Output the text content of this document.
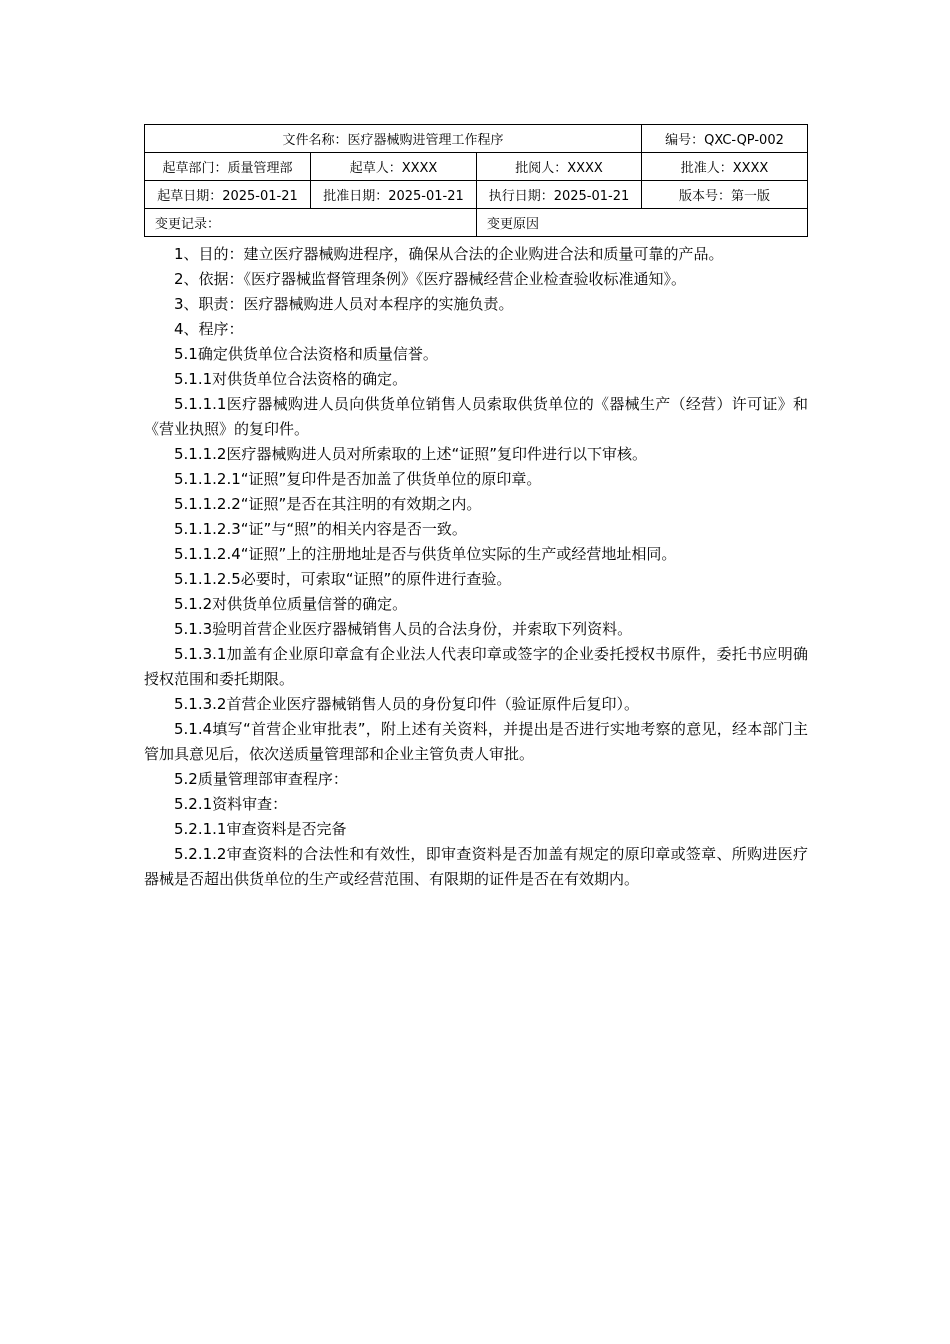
文件名称：医疗器械购进管理工作程序			编号：QXC-QP-002
起草部门：质量管理部	起草人：XXXX	批阅人：XXXX	批准人：XXXX
起草日期：2025-01-21	批准日期：2025-01-21	执行日期：2025-01-21	版本号：第一版
变更记录：		变更原因	

1、目的：建立医疗器械购进程序，确保从合法的企业购进合法和质量可靠的产品。

2、依据：《医疗器械监督管理条例》《医疗器械经营企业检查验收标准通知》。

3、职责：医疗器械购进人员对本程序的实施负责。

4、程序：

5.1确定供货单位合法资格和质量信誉。

5.1.1对供货单位合法资格的确定。

5.1.1.1医疗器械购进人员向供货单位销售人员索取供货单位的《器械生产（经营）许可证》和《营业执照》的复印件。

5.1.1.2医疗器械购进人员对所索取的上述“证照”复印件进行以下审核。

5.1.1.2.1“证照”复印件是否加盖了供货单位的原印章。

5.1.1.2.2“证照”是否在其注明的有效期之内。

5.1.1.2.3“证”与“照”的相关内容是否一致。

5.1.1.2.4“证照”上的注册地址是否与供货单位实际的生产或经营地址相同。

5.1.1.2.5必要时，可索取“证照”的原件进行查验。

5.1.2对供货单位质量信誉的确定。

5.1.3验明首营企业医疗器械销售人员的合法身份，并索取下列资料。

5.1.3.1加盖有企业原印章盒有企业法人代表印章或签字的企业委托授权书原件，委托书应明确授权范围和委托期限。

5.1.3.2首营企业医疗器械销售人员的身份复印件（验证原件后复印）。

5.1.4填写“首营企业审批表”，附上述有关资料，并提出是否进行实地考察的意见，经本部门主管加具意见后，依次送质量管理部和企业主管负责人审批。

5.2质量管理部审查程序：

5.2.1资料审查：

5.2.1.1审查资料是否完备

5.2.1.2审查资料的合法性和有效性，即审查资料是否加盖有规定的原印章或签章、所购进医疗器械是否超出供货单位的生产或经营范围、有限期的证件是否在有效期内。
